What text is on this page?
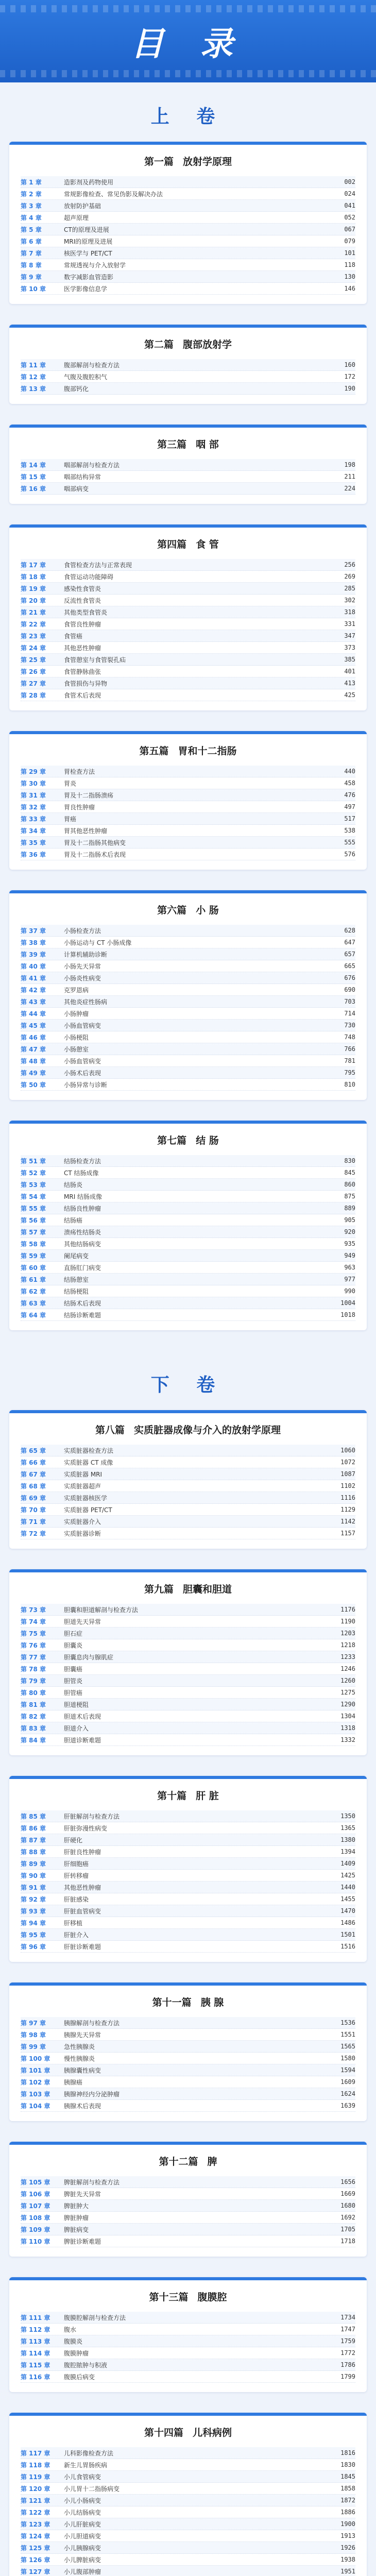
目 录
上 卷
第一篇 放射学原理
第 1 章	造影剂及药物使用	002
第 2 章	常规影像检查、常见伪影及解决办法	024
第 3 章	放射防护基础	041
第 4 章	超声原理	052
第 5 章	CT的原理及进展	067
第 6 章	MRI的原理及进展	079
第 7 章	核医学与 PET/CT	101
第 8 章	常规透视与介入放射学	118
第 9 章	数字减影血管造影	130
第 10 章	医学影像信息学	146
第二篇 腹部放射学
第 11 章	腹部解剖与检查方法	160
第 12 章	气腹及腹腔积气	172
第 13 章	腹部钙化	190
第三篇 咽 部
第 14 章	咽部解剖与检查方法	198
第 15 章	咽部结构异常	211
第 16 章	咽部病变	224
第四篇 食 管
第 17 章	食管检查方法与正常表现	256
第 18 章	食管运动功能障碍	269
第 19 章	感染性食管炎	285
第 20 章	反流性食管炎	302
第 21 章	其他类型食管炎	318
第 22 章	食管良性肿瘤	331
第 23 章	食管癌	347
第 24 章	其他恶性肿瘤	373
第 25 章	食管憩室与食管裂孔疝	385
第 26 章	食管静脉曲张	401
第 27 章	食管损伤与异物	413
第 28 章	食管术后表现	425
第五篇 胃和十二指肠
第 29 章	胃检查方法	440
第 30 章	胃炎	458
第 31 章	胃及十二指肠溃疡	476
第 32 章	胃良性肿瘤	497
第 33 章	胃癌	517
第 34 章	胃其他恶性肿瘤	538
第 35 章	胃及十二指肠其他病变	555
第 36 章	胃及十二指肠术后表现	576
第六篇 小 肠
第 37 章	小肠检查方法	628
第 38 章	小肠运动与 CT 小肠成像	647
第 39 章	计算机辅助诊断	657
第 40 章	小肠先天异常	665
第 41 章	小肠炎性病变	676
第 42 章	克罗恩病	690
第 43 章	其他炎症性肠病	703
第 44 章	小肠肿瘤	714
第 45 章	小肠血管病变	730
第 46 章	小肠梗阻	748
第 47 章	小肠憩室	766
第 48 章	小肠血管病变	781
第 49 章	小肠术后表现	795
第 50 章	小肠异常与诊断	810
第七篇 结 肠
第 51 章	结肠检查方法	830
第 52 章	CT 结肠成像	845
第 53 章	结肠炎	860
第 54 章	MRI 结肠成像	875
第 55 章	结肠良性肿瘤	889
第 56 章	结肠癌	905
第 57 章	溃疡性结肠炎	920
第 58 章	其他结肠病变	935
第 59 章	阑尾病变	949
第 60 章	直肠肛门病变	963
第 61 章	结肠憩室	977
第 62 章	结肠梗阻	990
第 63 章	结肠术后表现	1004
第 64 章	结肠诊断难题	1018
下 卷
第八篇 实质脏器成像与介入的放射学原理
第 65 章	实质脏器检查方法	1060
第 66 章	实质脏器 CT 成像	1072
第 67 章	实质脏器 MRI	1087
第 68 章	实质脏器超声	1102
第 69 章	实质脏器核医学	1116
第 70 章	实质脏器 PET/CT	1129
第 71 章	实质脏器介入	1142
第 72 章	实质脏器诊断	1157
第九篇 胆囊和胆道
第 73 章	胆囊和胆道解剖与检查方法	1176
第 74 章	胆道先天异常	1190
第 75 章	胆石症	1203
第 76 章	胆囊炎	1218
第 77 章	胆囊息肉与腺肌症	1233
第 78 章	胆囊癌	1246
第 79 章	胆管炎	1260
第 80 章	胆管癌	1275
第 81 章	胆道梗阻	1290
第 82 章	胆道术后表现	1304
第 83 章	胆道介入	1318
第 84 章	胆道诊断难题	1332
第十篇 肝 脏
第 85 章	肝脏解剖与检查方法	1350
第 86 章	肝脏弥漫性病变	1365
第 87 章	肝硬化	1380
第 88 章	肝脏良性肿瘤	1394
第 89 章	肝细胞癌	1409
第 90 章	肝转移瘤	1425
第 91 章	其他恶性肿瘤	1440
第 92 章	肝脏感染	1455
第 93 章	肝脏血管病变	1470
第 94 章	肝移植	1486
第 95 章	肝脏介入	1501
第 96 章	肝脏诊断难题	1516
第十一篇 胰 腺
第 97 章	胰腺解剖与检查方法	1536
第 98 章	胰腺先天异常	1551
第 99 章	急性胰腺炎	1565
第 100 章	慢性胰腺炎	1580
第 101 章	胰腺囊性病变	1594
第 102 章	胰腺癌	1609
第 103 章	胰腺神经内分泌肿瘤	1624
第 104 章	胰腺术后表现	1639
第十二篇 脾
第 105 章	脾脏解剖与检查方法	1656
第 106 章	脾脏先天异常	1669
第 107 章	脾脏肿大	1680
第 108 章	脾脏肿瘤	1692
第 109 章	脾脏病变	1705
第 110 章	脾脏诊断难题	1718
第十三篇 腹膜腔
第 111 章	腹膜腔解剖与检查方法	1734
第 112 章	腹水	1747
第 113 章	腹膜炎	1759
第 114 章	腹膜肿瘤	1772
第 115 章	腹腔脓肿与积液	1786
第 116 章	腹膜后病变	1799
第十四篇 儿科病例
第 117 章	儿科影像检查方法	1816
第 118 章	新生儿胃肠疾病	1830
第 119 章	小儿食管病变	1845
第 120 章	小儿胃十二指肠病变	1858
第 121 章	小儿小肠病变	1872
第 122 章	小儿结肠病变	1886
第 123 章	小儿肝脏病变	1900
第 124 章	小儿胆道病变	1913
第 125 章	小儿胰腺病变	1926
第 126 章	小儿脾脏病变	1938
第 127 章	小儿腹部肿瘤	1951
